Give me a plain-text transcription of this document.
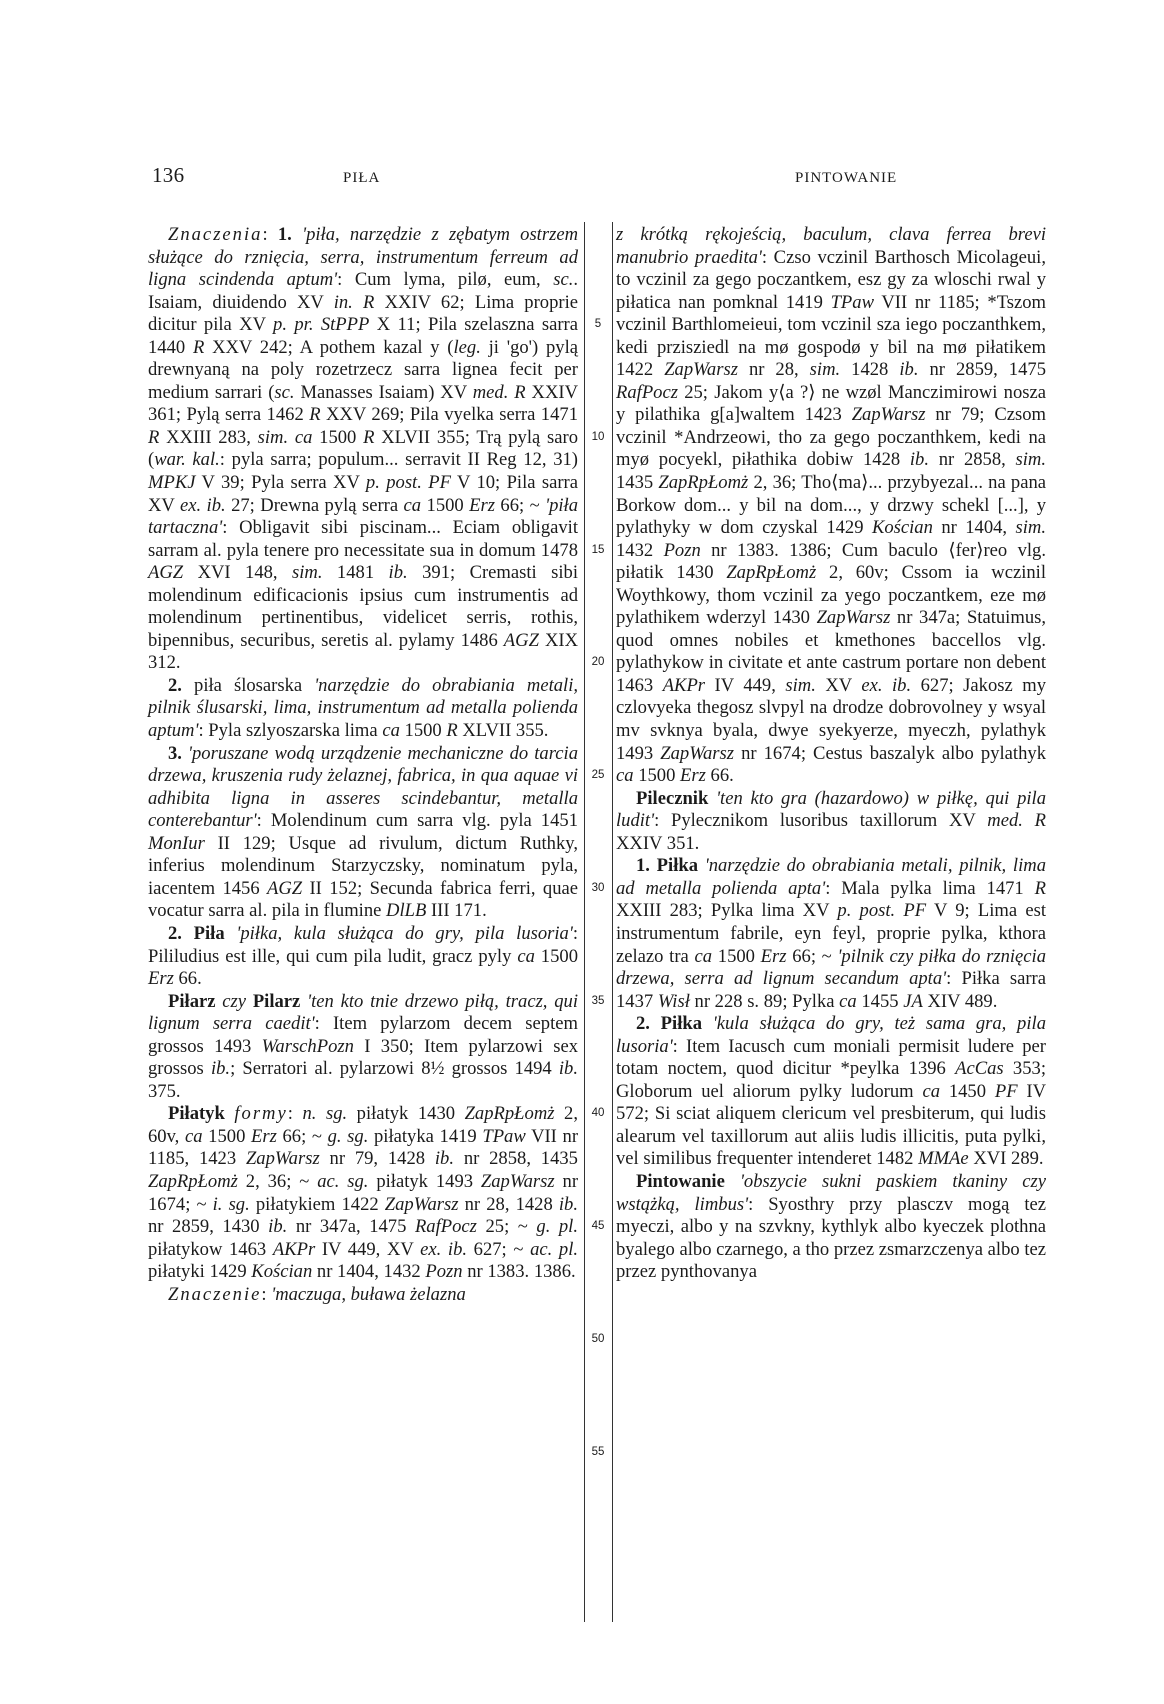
136	PIŁA	PINTOWANIE
5
10
15
20
25
30
35
40
45
50
55

Znaczenia: 1. 'piła, narzędzie z zębatym ostrzem służące do rznięcia, serra, instrumentum ferreum ad ligna scindenda aptum': Cum lyma, pilø, eum, sc.. Isaiam, diuidendo XV in. R XXIV 62; Lima proprie dicitur pila XV p. pr. StPPP X 11; Pila szelaszna sarra 1440 R XXV 242; A pothem kazal y (leg. ji 'go') pylą drewnyaną na poly rozetrzecz sarra lignea fecit per medium sarrari (sc. Manasses Isaiam) XV med. R XXIV 361; Pylą serra 1462 R XXV 269; Pila vyelka serra 1471 R XXIII 283, sim. ca 1500 R XLVII 355; Trą pylą saro (war. kal.: pyla sarra; populum... serravit II Reg 12, 31) MPKJ V 39; Pyla serra XV p. post. PF V 10; Pila sarra XV ex. ib. 27; Drewna pylą serra ca 1500 Erz 66; ~ 'piła tartaczna': Obligavit sibi piscinam... Eciam obligavit sarram al. pyla tenere pro necessitate sua in domum 1478 AGZ XVI 148, sim. 1481 ib. 391; Cremasti sibi molendinum edificacionis ipsius cum instrumentis ad molendinum pertinentibus, videlicet serris, rothis, bipennibus, securibus, seretis al. pylamy 1486 AGZ XIX 312.

2. piła ślosarska 'narzędzie do obrabiania metali, pilnik ślusarski, lima, instrumentum ad metalla polienda aptum': Pyla szlyoszarska lima ca 1500 R XLVII 355.

3. 'poruszane wodą urządzenie mechaniczne do tarcia drzewa, kruszenia rudy żelaznej, fabrica, in qua aquae vi adhibita ligna in asseres scindebantur, metalla conterebantur': Molendinum cum sarra vlg. pyla 1451 MonIur II 129; Usque ad rivulum, dictum Ruthky, inferius molendinum Starzyczsky, nominatum pyla, iacentem 1456 AGZ II 152; Secunda fabrica ferri, quae vocatur sarra al. pila in flumine DlLB III 171.

2. Piła 'piłka, kula służąca do gry, pila lusoria': Pililudius est ille, qui cum pila ludit, gracz pyly ca 1500 Erz 66.

Piłarz czy Pilarz 'ten kto tnie drzewo piłą, tracz, qui lignum serra caedit': Item pylarzom decem septem grossos 1493 WarschPozn I 350; Item pylarzowi sex grossos ib.; Serratori al. pylarzowi 8½ grossos 1494 ib. 375.

Piłatyk formy: n. sg. piłatyk 1430 ZapRpŁomż 2, 60v, ca 1500 Erz 66; ~ g. sg. piłatyka 1419 TPaw VII nr 1185, 1423 ZapWarsz nr 79, 1428 ib. nr 2858, 1435 ZapRpŁomż 2, 36; ~ ac. sg. piłatyk 1493 ZapWarsz nr 1674; ~ i. sg. piłatykiem 1422 ZapWarsz nr 28, 1428 ib. nr 2859, 1430 ib. nr 347a, 1475 RafPocz 25; ~ g. pl. piłatykow 1463 AKPr IV 449, XV ex. ib. 627; ~ ac. pl. piłatyki 1429 Kościan nr 1404, 1432 Pozn nr 1383. 1386.

Znaczenie: 'maczuga, buława żelazna

z krótką rękojeścią, baculum, clava ferrea brevi manubrio praedita': Czso vczinil Barthosch Micolageui, to vczinil za gego poczantkem, esz gy za wloschi rwal y piłatica nan pomknal 1419 TPaw VII nr 1185; *Tszom vczinil Barthlomeieui, tom vczinil sza iego poczanthkem, kedi przisziedl na mø gospodø y bil na mø piłatikem 1422 ZapWarsz nr 28, sim. 1428 ib. nr 2859, 1475 RafPocz 25; Jakom y⟨a ?⟩ ne wzøl Manczimirowi nosza y pilathika g[a]waltem 1423 ZapWarsz nr 79; Czsom vczinil *Andrzeowi, tho za gego poczanthkem, kedi na myø pocyekl, piłathika dobiw 1428 ib. nr 2858, sim. 1435 ZapRpŁomż 2, 36; Tho⟨ma⟩... przybyezal... na pana Borkow dom... y bil na dom..., y drzwy schekl [...], y pylathyky w dom czyskal 1429 Kościan nr 1404, sim. 1432 Pozn nr 1383. 1386; Cum baculo ⟨fer⟩reo vlg. piłatik 1430 ZapRpŁomż 2, 60v; Cssom ia wczinil Woythkowy, thom vczinil za yego poczantkem, eze mø pylathikem wderzyl 1430 ZapWarsz nr 347a; Statuimus, quod omnes nobiles et kmethones baccellos vlg. pylathykow in civitate et ante castrum portare non debent 1463 AKPr IV 449, sim. XV ex. ib. 627; Jakosz my czlovyeka thegosz slvpyl na drodze dobrovolney y wsyal mv svknya byala, dwye syekyerze, myeczh, pylathyk 1493 ZapWarsz nr 1674; Cestus baszalyk albo pylathyk ca 1500 Erz 66.

Pilecznik 'ten kto gra (hazardowo) w piłkę, qui pila ludit': Pylecznikom lusoribus taxillorum XV med. R XXIV 351.

1. Piłka 'narzędzie do obrabiania metali, pilnik, lima ad metalla polienda apta': Mala pylka lima 1471 R XXIII 283; Pylka lima XV p. post. PF V 9; Lima est instrumentum fabrile, eyn feyl, proprie pylka, kthora zelazo tra ca 1500 Erz 66; ~ 'pilnik czy piłka do rznięcia drzewa, serra ad lignum secandum apta': Piłka sarra 1437 Wisł nr 228 s. 89; Pylka ca 1455 JA XIV 489.

2. Piłka 'kula służąca do gry, też sama gra, pila lusoria': Item Iacusch cum moniali permisit ludere per totam noctem, quod dicitur *peylka 1396 AcCas 353; Globorum uel aliorum pylky ludorum ca 1450 PF IV 572; Si sciat aliquem clericum vel presbiterum, qui ludis alearum vel taxillorum aut aliis ludis illicitis, puta pylki, vel similibus frequenter intenderet 1482 MMAe XVI 289.

Pintowanie 'obszycie sukni paskiem tkaniny czy wstążką, limbus': Syosthry przy plasczv mogą tez myeczi, albo y na szvkny, kythlyk albo kyeczek plothna byalego albo czarnego, a tho przez zsmarzczenya albo tez przez pynthovanya
